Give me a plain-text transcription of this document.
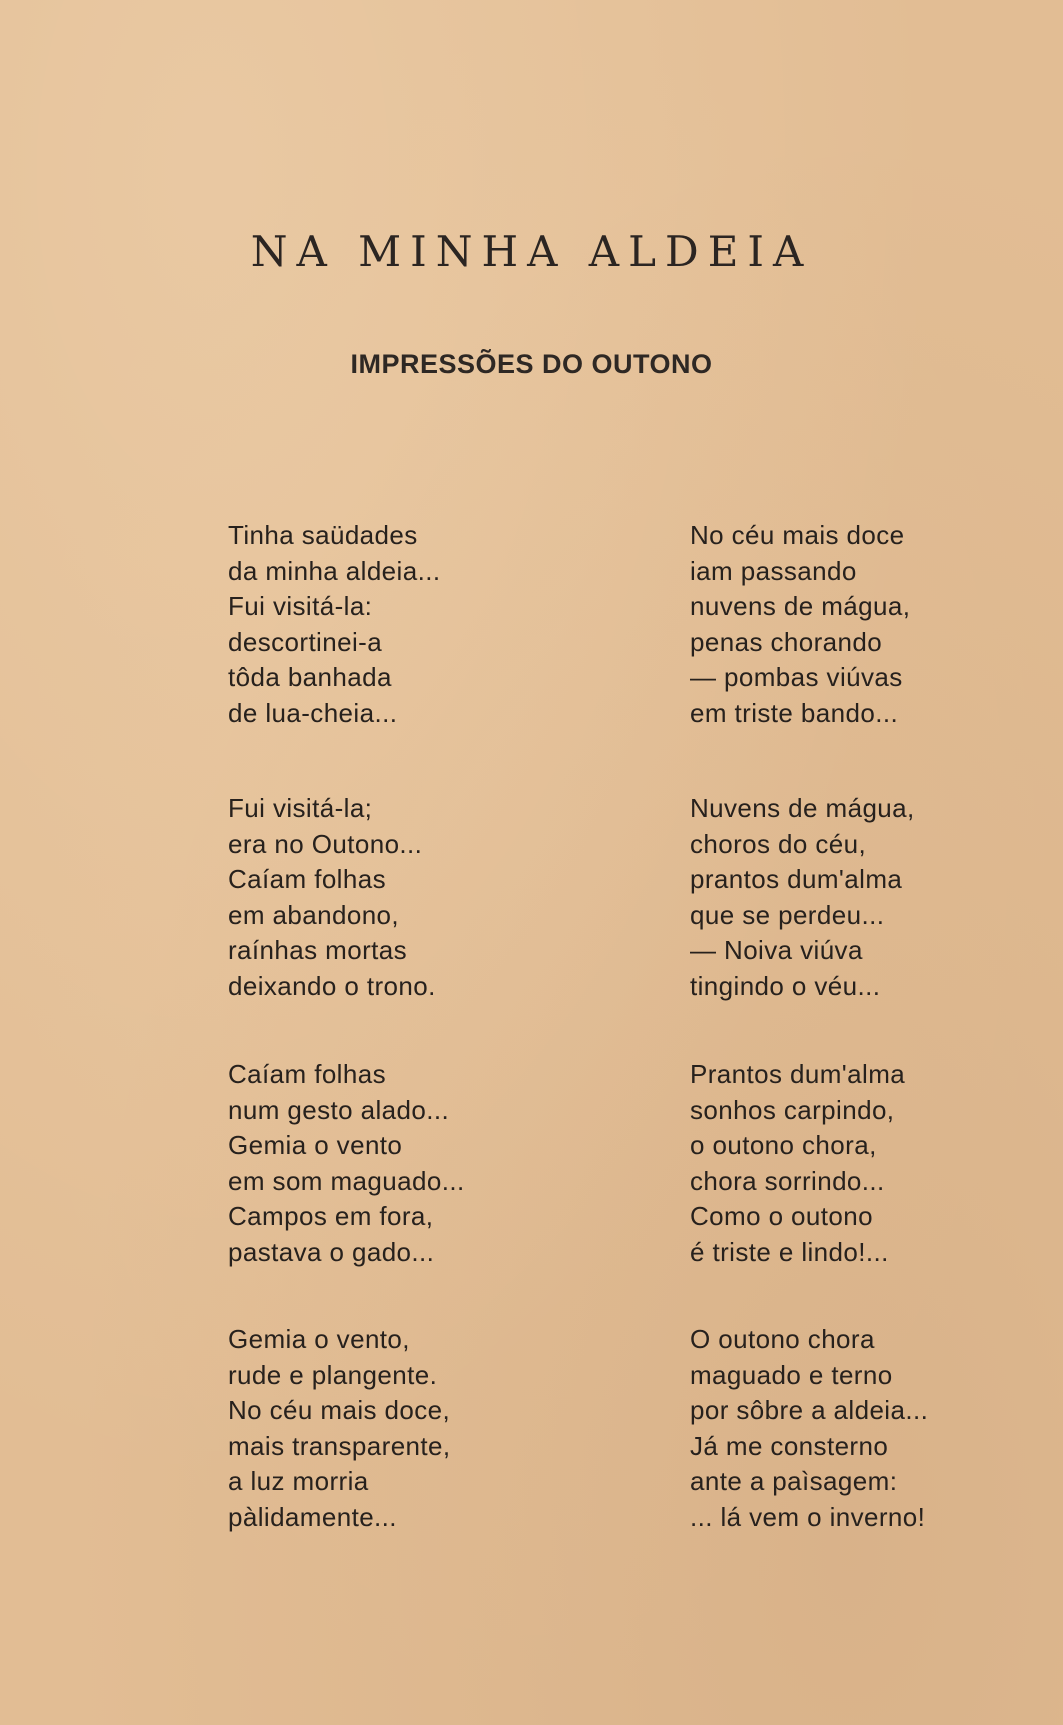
NA MINHA ALDEIA
IMPRESSÕES DO OUTONO

Tinha saüdades
da minha aldeia...
Fui visitá-la:
descortinei-a
tôda banhada
de lua-cheia...

No céu mais doce
iam passando
nuvens de mágua,
penas chorando
— pombas viúvas
em triste bando...

Fui visitá-la;
era no Outono...
Caíam folhas
em abandono,
raínhas mortas
deixando o trono.

Nuvens de mágua,
choros do céu,
prantos dum'alma
que se perdeu...
— Noiva viúva
tingindo o véu...

Caíam folhas
num gesto alado...
Gemia o vento
em som maguado...
Campos em fora,
pastava o gado...

Prantos dum'alma
sonhos carpindo,
o outono chora,
chora sorrindo...
Como o outono
é triste e lindo!...

Gemia o vento,
rude e plangente.
No céu mais doce,
mais transparente,
a luz morria
pàlidamente...

O outono chora
maguado e terno
por sôbre a aldeia...
Já me consterno
ante a paìsagem:
... lá vem o inverno!
